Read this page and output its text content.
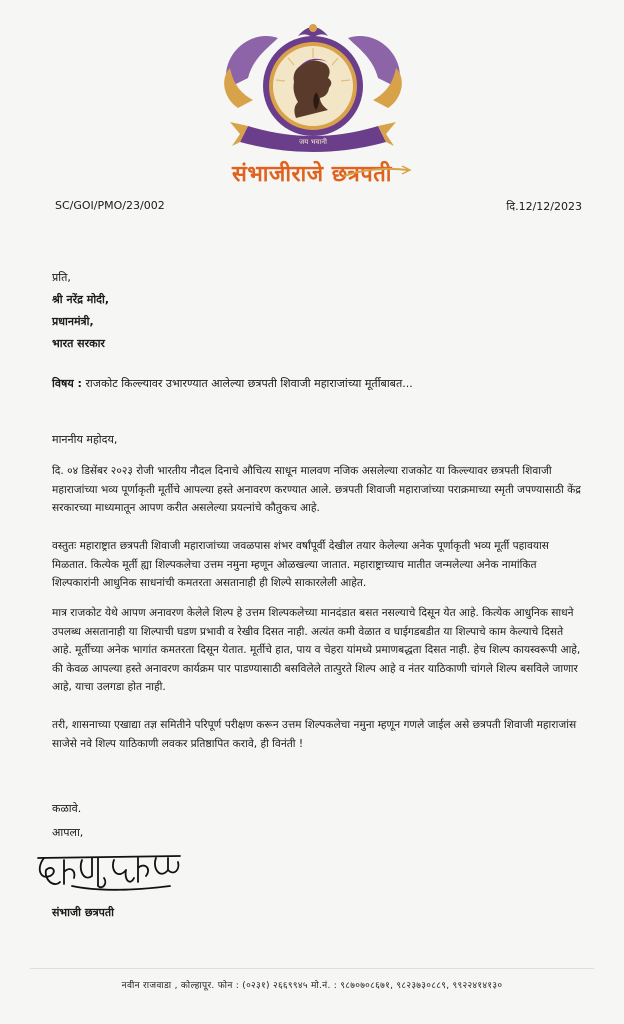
जय भवानी
संभाजीराजे छत्रपती
SC/GOI/PMO/23/002	दि.12/12/2023
प्रति,
श्री नरेंद्र मोदी,
प्रधानमंत्री,
भारत सरकार
विषय : राजकोट किल्ल्यावर उभारण्यात आलेल्या छत्रपती शिवाजी महाराजांच्या मूर्तीबाबत...
माननीय महोदय,

दि. ०४ डिसेंबर २०२३ रोजी भारतीय नौदल दिनाचे औचित्य साधून मालवण नजिक असलेल्या राजकोट या किल्ल्यावर छत्रपती शिवाजी महाराजांच्या भव्य पूर्णाकृती मूर्तीचे आपल्या हस्ते अनावरण करण्यात आले. छत्रपती शिवाजी महाराजांच्या पराक्रमाच्या स्मृती जपण्यासाठी केंद्र सरकारच्या माध्यमातून आपण करीत असलेल्या प्रयत्नांचे कौतुकच आहे.

वस्तुतः महाराष्ट्रात छत्रपती शिवाजी महाराजांच्या जवळपास शंभर वर्षांपूर्वी देखील तयार केलेल्या अनेक पूर्णाकृती भव्य मूर्ती पहावयास मिळतात. कित्येक मूर्ती ह्या शिल्पकलेचा उत्तम नमुना म्हणून ओळखल्या जातात. महाराष्ट्राच्याच मातीत जन्मलेल्या अनेक नामांकित शिल्पकारांनी आधुनिक साधनांची कमतरता असतानाही ही शिल्पे साकारलेली आहेत.

मात्र राजकोट येथे आपण अनावरण केलेले शिल्प हे उत्तम शिल्पकलेच्या मानदंडात बसत नसल्याचे दिसून येत आहे. कित्येक आधुनिक साधने उपलब्ध असतानाही या शिल्पाची घडण प्रभावी व रेखीव दिसत नाही. अत्यंत कमी वेळात व घाईगडबडीत या शिल्पाचे काम केल्याचे दिसते आहे. मूर्तीच्या अनेक भागांत कमतरता दिसून येतात. मूर्तीचे हात, पाय व चेहरा यांमध्ये प्रमाणबद्धता दिसत नाही. हेच शिल्प कायस्वरूपी आहे, की केवळ आपल्या हस्ते अनावरण कार्यक्रम पार पाडण्यासाठी बसविलेले तात्पुरते शिल्प आहे व नंतर याठिकाणी चांगले शिल्प बसविले जाणार आहे, याचा उलगडा होत नाही.

तरी, शासनाच्या एखाद्या तज्ञ समितीने परिपूर्ण परीक्षण करून उत्तम शिल्पकलेचा नमुना म्हणून गणले जाईल असे छत्रपती शिवाजी महाराजांस साजेसे नवे शिल्प याठिकाणी लवकर प्रतिष्ठापित करावे, ही विनंती !

कळावे.
आपला,
संभाजी छत्रपती
नवीन राजवाडा , कोल्हापूर. फोन : (०२३१) २६६९९४५ मो.नं. : ९८७०७०८६७१, ९८२३७३०८८९, ९९२२४१४१३०
